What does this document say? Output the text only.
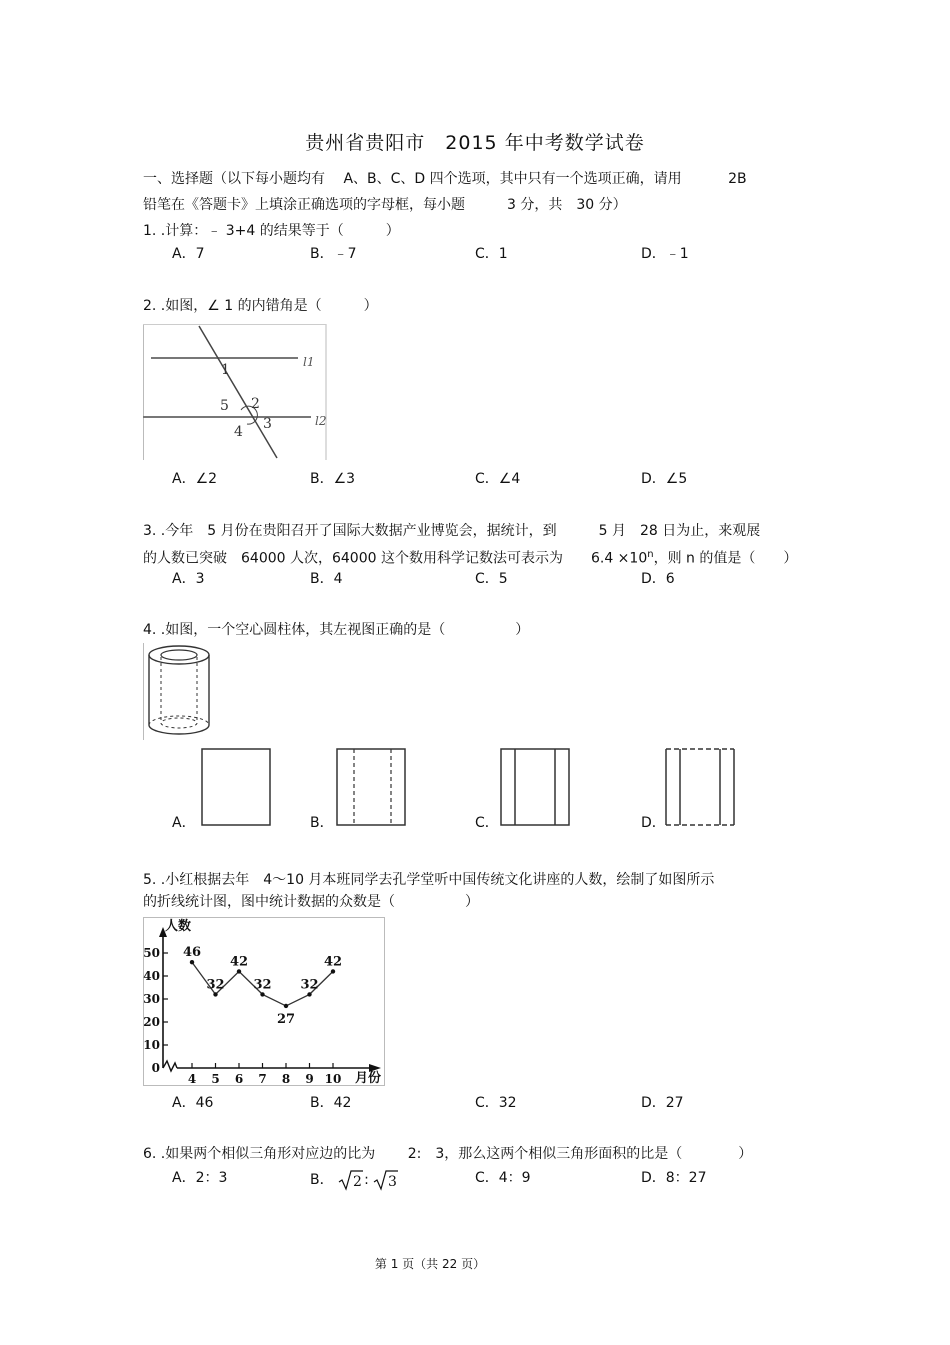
贵州省贵阳市　2015 年中考数学试卷
一、选择题（以下每小题均有　 A、B、C、D 四个选项，其中只有一个选项正确，请用　　　 2B
铅笔在《答题卡》上填涂正确选项的字母框，每小题　　　3 分，共　30 分）
1. .计算：﹣ 3+4 的结果等于（　　　）
A．7	B．﹣7	C．1	D．﹣1
2. .如图，∠ 1 的内错角是（　　　）
1
2
3
4
5
l1
l2
A．∠2	B．∠3	C．∠4	D．∠5
3. .今年　5 月份在贵阳召开了国际大数据产业博览会，据统计，到　　　5 月　28 日为止，来观展
的人数已突破　64000 人次，64000 这个数用科学记数法可表示为　　$6.4 \times 10^n$，则 n 的值是（　　）
A．3	B．4	C．5	D．6
4. .如图，一个空心圆柱体，其左视图正确的是（　　　　　）
A．	B．	C．	D．
5. .小红根据去年　4～10 月本班同学去孔学堂听中国传统文化讲座的人数，绘制了如图所示
的折线统计图，图中统计数据的众数是（　　　　　）
0
10
20
30
40
50
4 5 6 7 8 9 10
46
32
42
32
27
32
42
人数
月份
A．46	B．42	C．32	D．27
6. .如果两个相似三角形对应边的比为　　 2:　3，那么这两个相似三角形面积的比是（　　　　）
A．2：3	B． 2 : 3	C．4：9	D．8：27
第 1 页（共 22 页）
